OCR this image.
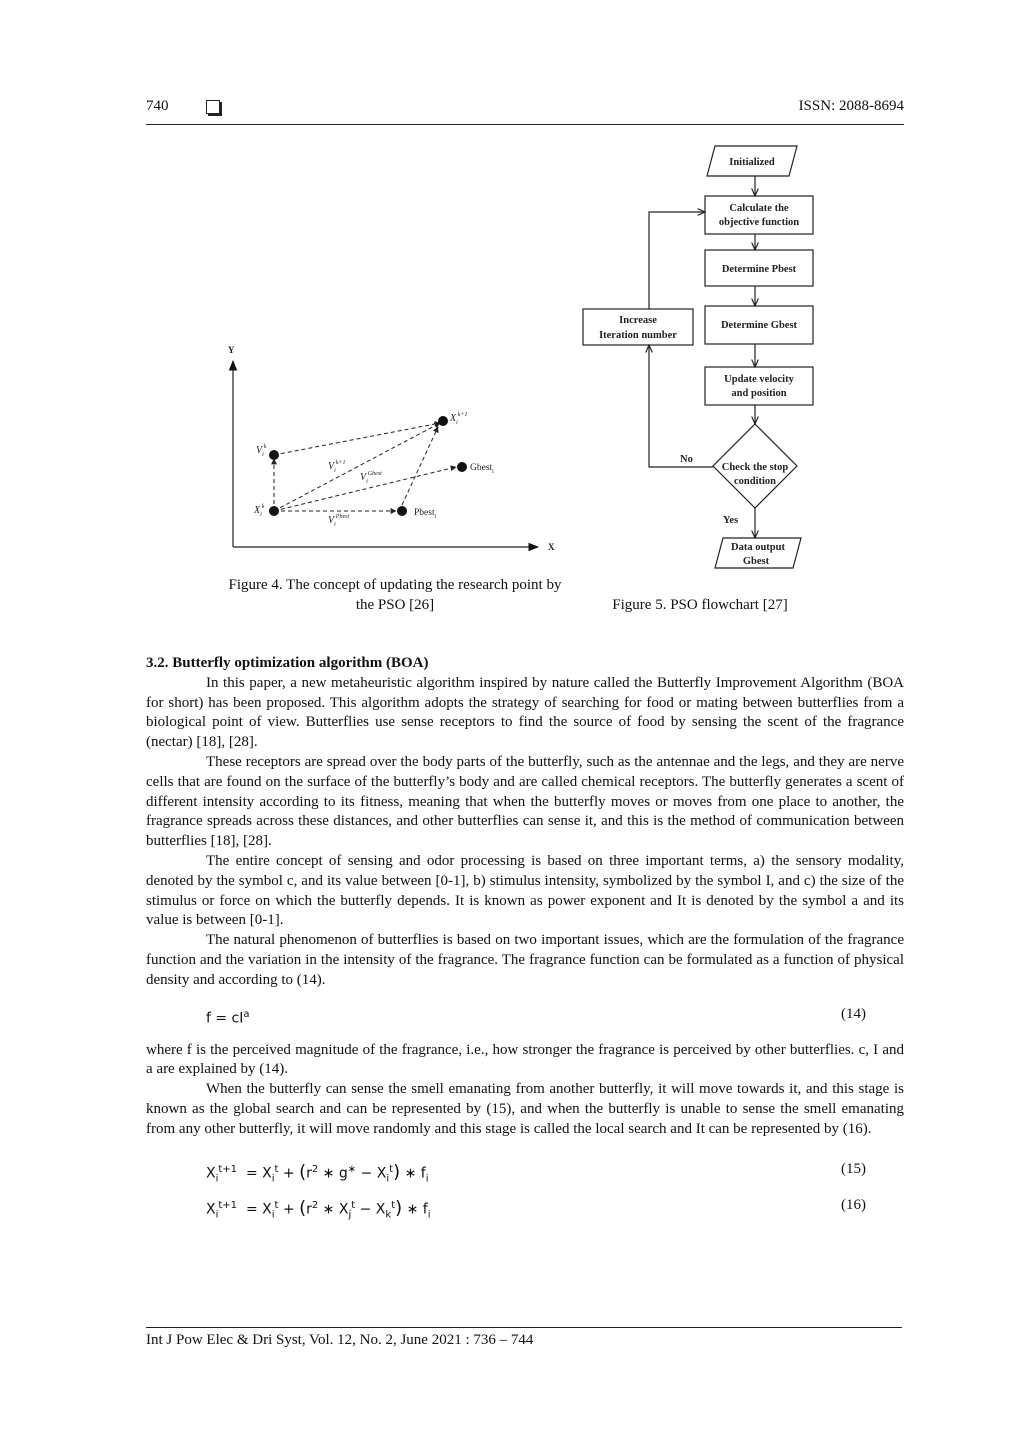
740	ISSN: 2088-8694
Y
X
$X_i^k$
$V_i^k$
$X_i^{k+1}$
Gbest$_i$
Pbest$_i$
$V_i^{k+1}$
$V_i^{Gbest}$
$V_i^{Pbest}$
Initialized
Calculate the
objective function
Determine Pbest
Determine Gbest
Update velocity
and position
Check the stop
condition
Increase
Iteration number
Data output
Gbest
No
Yes
Figure 4. The concept of updating the research point by the PSO [26]	Figure 5. PSO flowchart [27]

3.2. Butterfly optimization algorithm (BOA)

In this paper, a new metaheuristic algorithm inspired by nature called the Butterfly Improvement Algorithm (BOA for short) has been proposed. This algorithm adopts the strategy of searching for food or mating between butterflies from a biological point of view. Butterflies use sense receptors to find the source of food by sensing the scent of the fragrance (nectar) [18], [28].

These receptors are spread over the body parts of the butterfly, such as the antennae and the legs, and they are nerve cells that are found on the surface of the butterfly’s body and are called chemical receptors. The butterfly generates a scent of different intensity according to its fitness, meaning that when the butterfly moves or moves from one place to another, the fragrance spreads across these distances, and other butterflies can sense it, and this is the method of communication between butterflies [18], [28].

The entire concept of sensing and odor processing is based on three important terms, a) the sensory modality, denoted by the symbol c, and its value between [0-1], b) stimulus intensity, symbolized by the symbol I, and c) the size of the stimulus or force on which the butterfly depends. It is known as power exponent and It is denoted by the symbol a and its value is between [0-1].

The natural phenomenon of butterflies is based on two important issues, which are the formulation of the fragrance function and the variation in the intensity of the fragrance. The fragrance function can be formulated as a function of physical density and according to (14).

$f = cI^a$	(14)

where f is the perceived magnitude of the fragrance, i.e., how stronger the fragrance is perceived by other butterflies. c, I and a are explained by (14).

When the butterfly can sense the smell emanating from another butterfly, it will move towards it, and this stage is known as the global search and can be represented by (15), and when the butterfly is unable to sense the smell emanating from any other butterfly, it will move randomly and this stage is called the local search and It can be represented by (16).

$X_i^{t+1} = X_i^t + (r^2$ ∗ $g^∗ - X_i^t$) ∗ $f_i$
(15)
$X_i^{t+1} = X_i^t + (r^2$ ∗ $X_j^t - X_k^t$) ∗ $f_i$
(16)
Int J Pow Elec & Dri Syst, Vol. 12, No. 2, June 2021 : 736 – 744
